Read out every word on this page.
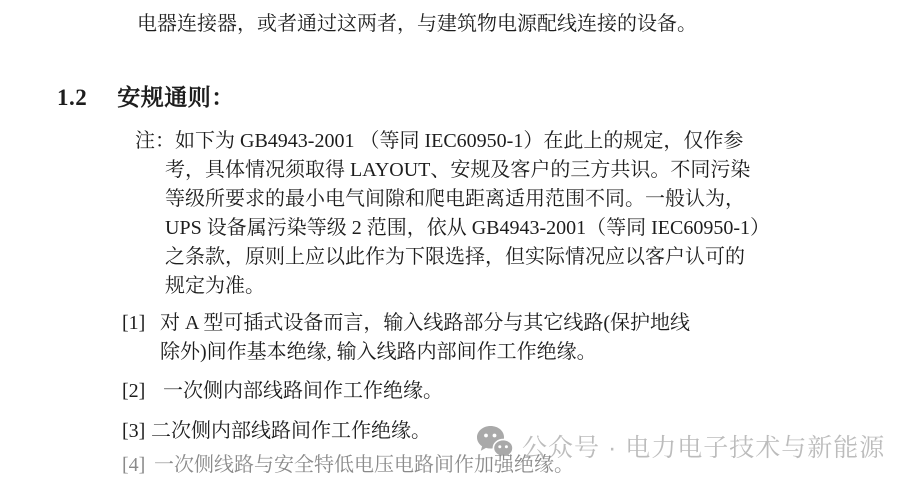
电器连接器，或者通过这两者，与建筑物电源配线连接的设备。

1.2 安规通则：
注：如下为 GB4943-2001 （等同 IEC60950-1）在此上的规定，仅作参
考，具体情况须取得 LAYOUT、安规及客户的三方共识。不同污染
等级所要求的最小电气间隙和爬电距离适用范围不同。一般认为，
UPS 设备属污染等级 2 范围，依从 GB4943-2001（等同 IEC60950-1）
之条款，原则上应以此作为下限选择，但实际情况应以客户认可的
规定为准。
[1] 对 A 型可插式设备而言，输入线路部分与其它线路(保护地线
除外)间作基本绝缘, 输入线路内部间作工作绝缘。
[2] 一次侧内部线路间作工作绝缘。
[3] 二次侧内部线路间作工作绝缘。
[4] 一次侧线路与安全特低电压电路间作加强绝缘。
公众号 · 电力电子技术与新能源
